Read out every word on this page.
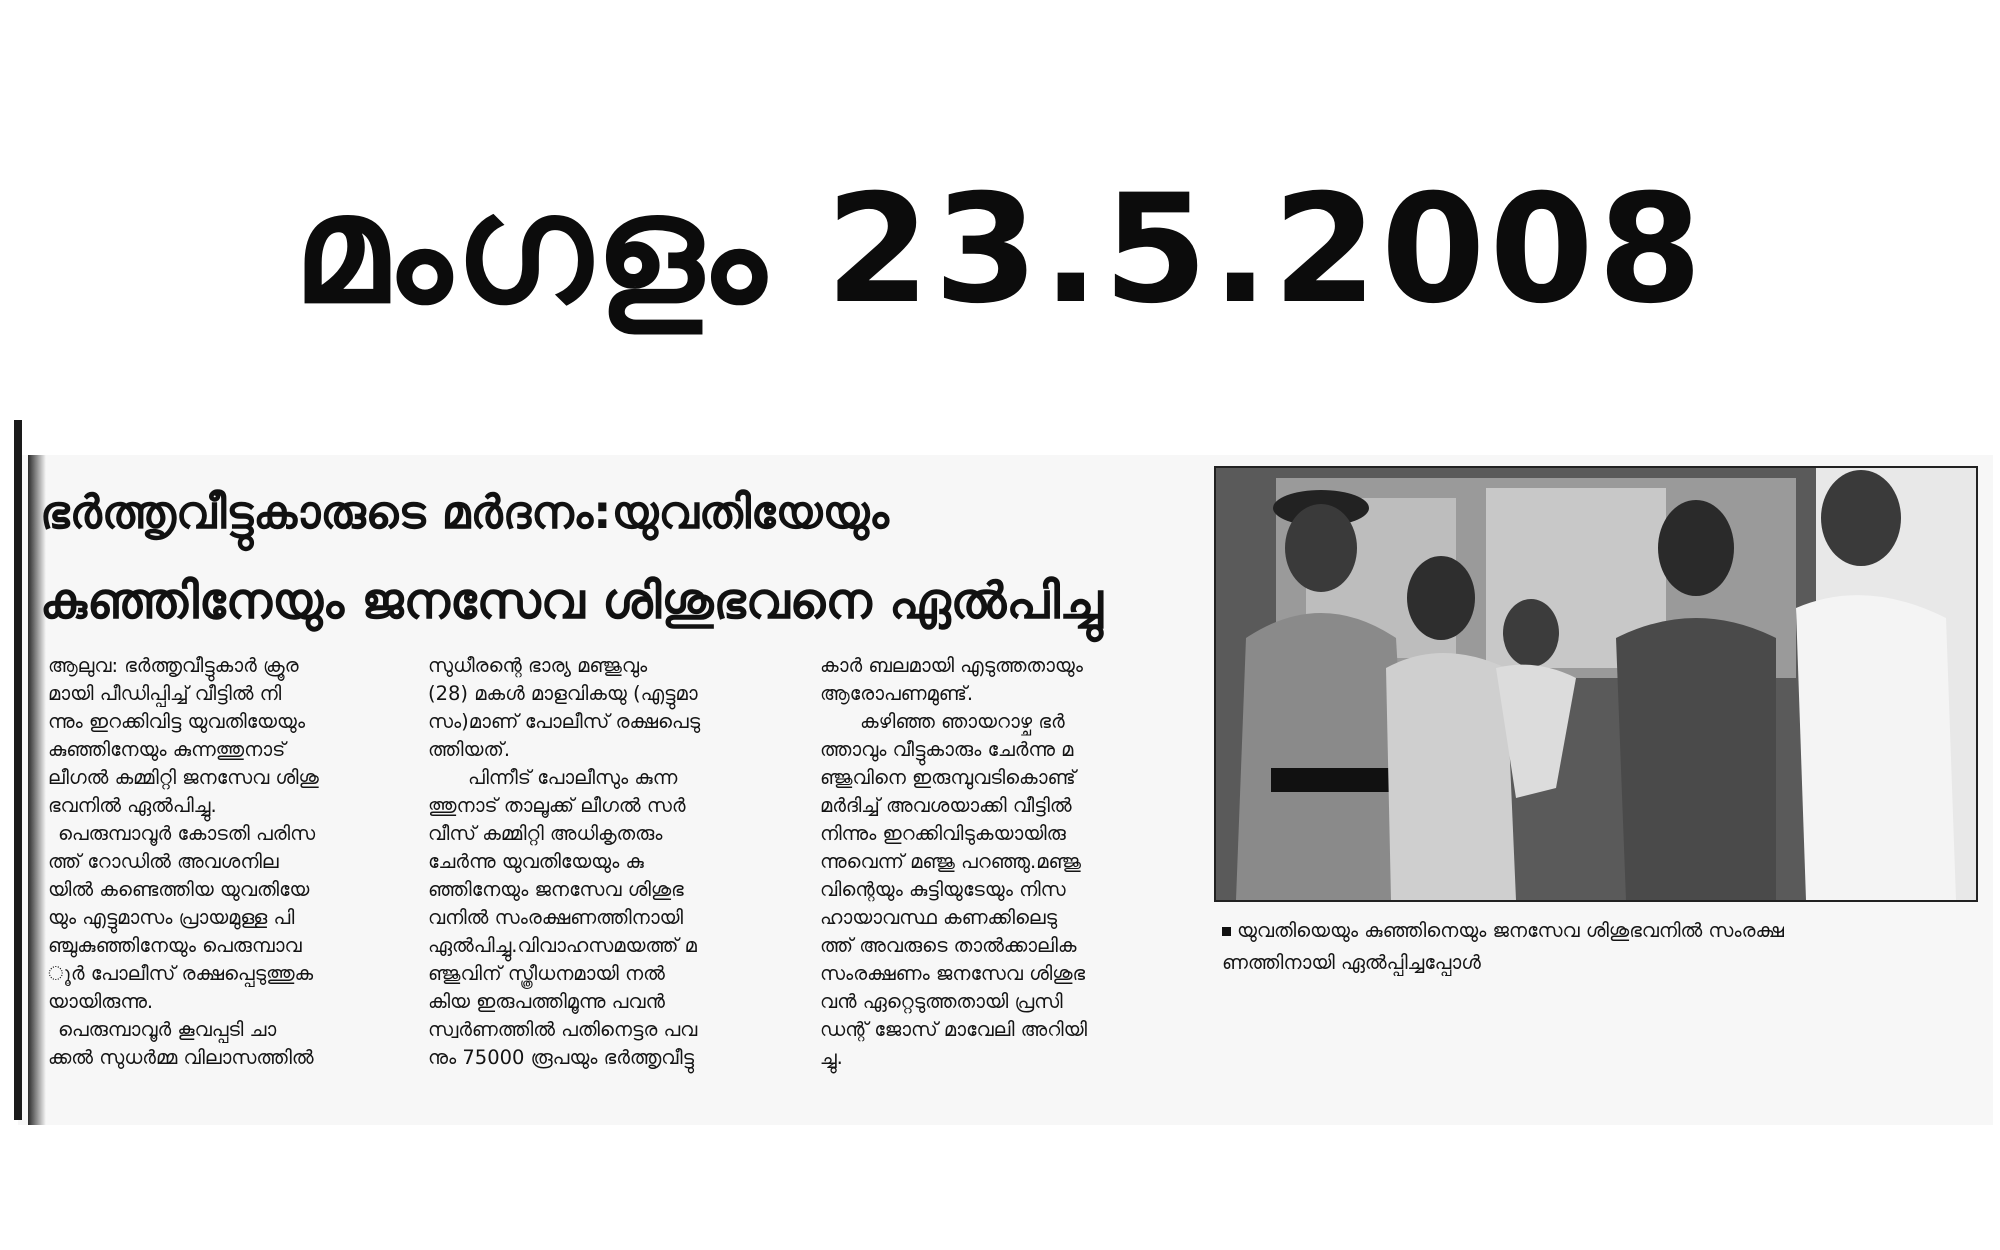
മംഗളം 23.5.2008
ഭർത്തൃവീട്ടുകാരുടെ മർദനം:യുവതിയേയും
കുഞ്ഞിനേയും ജനസേവ ശിശുഭവനെ ഏൽപിച്ചു

ആലുവ: ഭർത്തൃവീട്ടുകാർ ക്രൂര

മായി പീഡിപ്പിച്ച് വീട്ടിൽ നി

ന്നും ഇറക്കിവിട്ട യുവതിയേയും

കുഞ്ഞിനേയും കുന്നത്തുനാട്

ലീഗൽ കമ്മിറ്റി ജനസേവ ശിശു

ഭവനിൽ ഏൽപിച്ചു.

പെരുമ്പാവൂർ കോടതി പരിസ

ത്ത് റോഡിൽ അവശനില

യിൽ കണ്ടെത്തിയ യുവതിയേ

യും എട്ടുമാസം പ്രായമുള്ള പി

ഞ്ചുകുഞ്ഞിനേയും പെരുമ്പാവ

ൂർ പോലീസ് രക്ഷപ്പെടുത്തുക

യായിരുന്നു.

പെരുമ്പാവൂർ കൂവപ്പടി ചാ

ക്കൽ സുധർമ്മ വിലാസത്തിൽ

സുധീരന്റെ ഭാര്യ മഞ്ജുവും

(28) മകൾ മാളവികയു (എട്ടുമാ

സം)മാണ് പോലീസ് രക്ഷപെടു

ത്തിയത്.

പിന്നീട് പോലീസും കുന്ന

ത്തുനാട് താലൂക്ക് ലീഗൽ സർ

വീസ് കമ്മിറ്റി അധികൃതരും

ചേർന്നു യുവതിയേയും കു

ഞ്ഞിനേയും ജനസേവ ശിശുഭ

വനിൽ സംരക്ഷണത്തിനായി

ഏൽപിച്ചു.വിവാഹസമയത്ത് മ

ഞ്ജുവിന് സ്ത്രീധനമായി നൽ

കിയ ഇരുപത്തിമൂന്നു പവൻ

സ്വർണത്തിൽ പതിനെട്ടര പവ

നും 75000 രൂപയും ഭർത്തൃവീട്ടു

കാർ ബലമായി എടുത്തതായും

ആരോപണമുണ്ട്.

കഴിഞ്ഞ ഞായറാഴ്ച ഭർ

ത്താവും വീട്ടുകാരും ചേർന്നു മ

ഞ്ജുവിനെ ഇരുമ്പുവടികൊണ്ട്

മർദിച്ച് അവശയാക്കി വീട്ടിൽ

നിന്നും ഇറക്കിവിടുകയായിരു

ന്നുവെന്ന് മഞ്ജു പറഞ്ഞു.മഞ്ജു

വിന്റെയും കുട്ടിയുടേയും നിസ

ഹായാവസ്ഥ കണക്കിലെടു

ത്ത് അവരുടെ താൽക്കാലിക

സംരക്ഷണം ജനസേവ ശിശുഭ

വൻ ഏറ്റെടുത്തതായി പ്രസി

ഡന്റ് ജോസ് മാവേലി അറിയി

ച്ചു.

യുവതിയെയും കുഞ്ഞിനെയും ജനസേവ ശിശുഭവനിൽ സംരക്ഷ
ണത്തിനായി ഏൽപ്പിച്ചപ്പോൾ
